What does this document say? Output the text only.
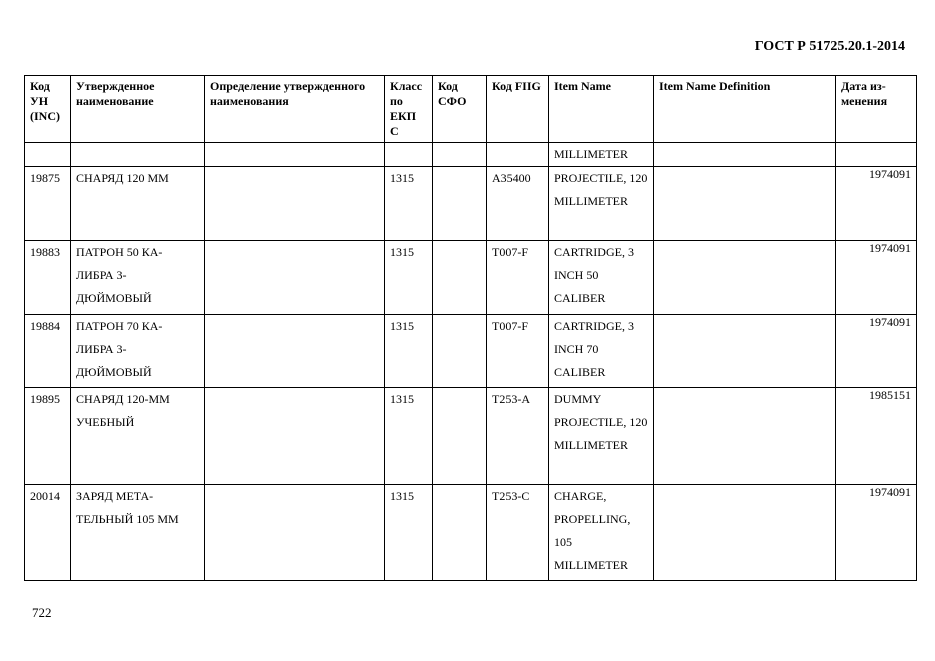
ГОСТ Р 51725.20.1-2014
Код УН (INC)	Утвержденное наименование	Определение утвержденного наименования	Класс по ЕКП С	Код СФО	Код FIIG	Item Name	Item Name Definition	Дата из- менения
						MILLIMETER		
19875	СНАРЯД 120 ММ		1315		A35400	PROJECTILE, 120 MILLIMETER		1974091
19883	ПАТРОН 50 КА- ЛИБРА 3- ДЮЙМОВЫЙ		1315		T007-F	CARTRIDGE, 3 INCH 50 CALIBER		1974091
19884	ПАТРОН 70 КА- ЛИБРА 3- ДЮЙМОВЫЙ		1315		T007-F	CARTRIDGE, 3 INCH 70 CALIBER		1974091
19895	СНАРЯД 120-ММ УЧЕБНЫЙ		1315		T253-A	DUMMY PROJECTILE, 120 MILLIMETER		1985151
20014	ЗАРЯД МЕТА- ТЕЛЬНЫЙ 105 ММ		1315		T253-C	CHARGE, PROPELLING, 105 MILLIMETER		1974091
722
